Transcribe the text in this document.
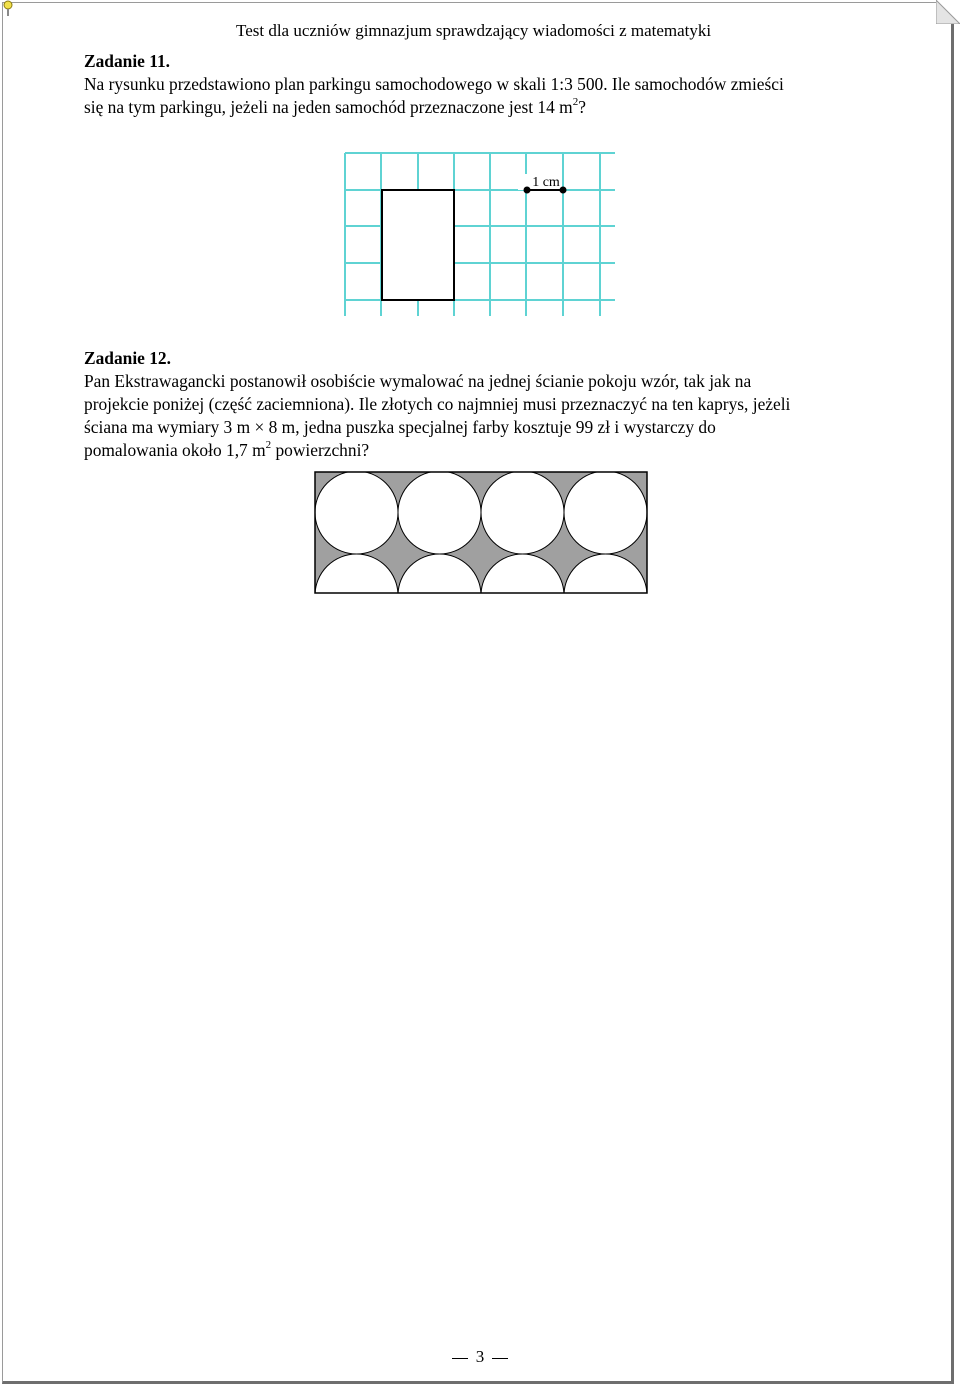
Test dla uczniów gimnazjum sprawdzający wiadomości z matematyki
Zadanie 11.
Na rysunku przedstawiono plan parkingu samochodowego w skali 1:3 500. Ile samochodów zmieści
się na tym parkingu, jeżeli na jeden samochód przeznaczone jest 14 $m^2$?
1 cm
Zadanie 12.
Pan Ekstrawagancki postanowił osobiście wymalować na jednej ścianie pokoju wzór, tak jak na
projekcie poniżej (część zaciemniona). Ile złotych co najmniej musi przeznaczyć na ten kaprys, jeżeli
ściana ma wymiary 3 m × 8 m, jedna puszka specjalnej farby kosztuje 99 zł i wystarczy do
pomalowania około 1,7 $m^2$ powierzchni?
3
